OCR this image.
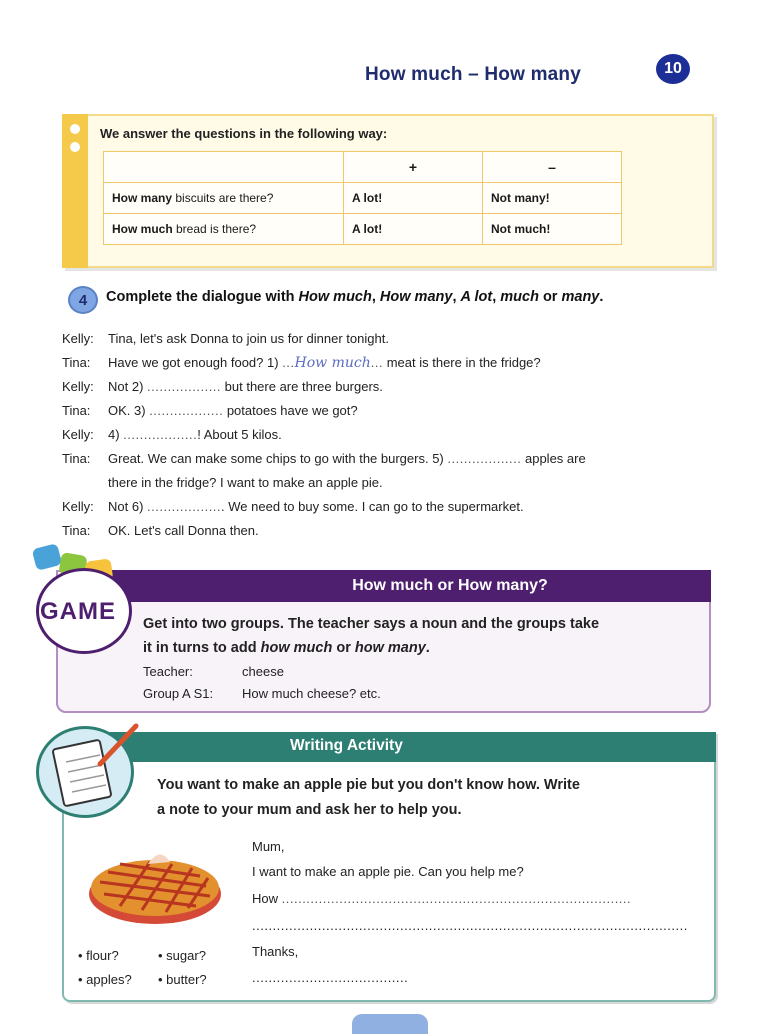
How much – How many	10
We answer the questions in the following way:
	+	–
How many biscuits are there?	A lot!	Not many!
How much bread is there?	A lot!	Not much!
4	Complete the dialogue with How much, How many, A lot, much or many.
Kelly: Tina, let's ask Donna to join us for dinner tonight.
Tina: Have we got enough food? 1) ...How much... meat is there in the fridge?
Kelly: Not 2) .................. but there are three burgers.
Tina: OK. 3) .................. potatoes have we got?
Kelly: 4) ..................! About 5 kilos.
Tina: Great. We can make some chips to go with the burgers. 5) .................. apples are
there in the fridge? I want to make an apple pie.
Kelly: Not 6) ................... We need to buy some. I can go to the supermarket.
Tina: OK. Let's call Donna then.
How much or How many?
GAME Get into two groups. The teacher says a noun and the groups take
it in turns to add how much or how many.
Teacher:	cheese
Group A S1: How much cheese? etc.
Writing Activity
You want to make an apple pie but you don't know how. Write
a note to your mum and ask her to help you.
Mum,
I want to make an apple pie. Can you help me?
How .....................................................................................
..........................................................................................................
Thanks,
......................................
• flour?	• sugar?
• apples? • butter?
